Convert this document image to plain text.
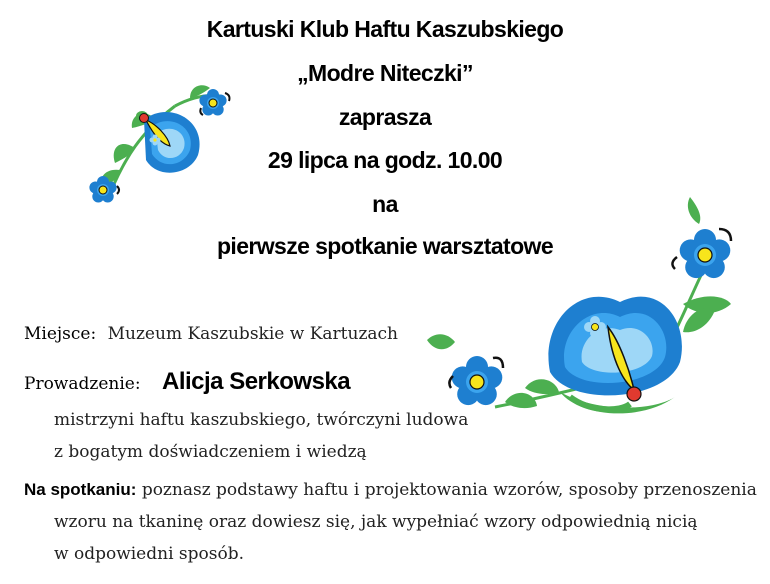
Kartuski Klub Haftu Kaszubskiego
„Modre Niteczki”
zaprasza
29 lipca na godz. 10.00
na
pierwsze spotkanie warsztatowe
Miejsce: Muzeum Kaszubskie w Kartuzach
Prowadzenie: Alicja Serkowska
mistrzyni haftu kaszubskiego, twórczyni ludowa
z bogatym doświadczeniem i wiedzą
Na spotkaniu: poznasz podstawy haftu i projektowania wzorów, sposoby przenoszenia
wzoru na tkaninę oraz dowiesz się, jak wypełniać wzory odpowiednią nicią
w odpowiedni sposób.
